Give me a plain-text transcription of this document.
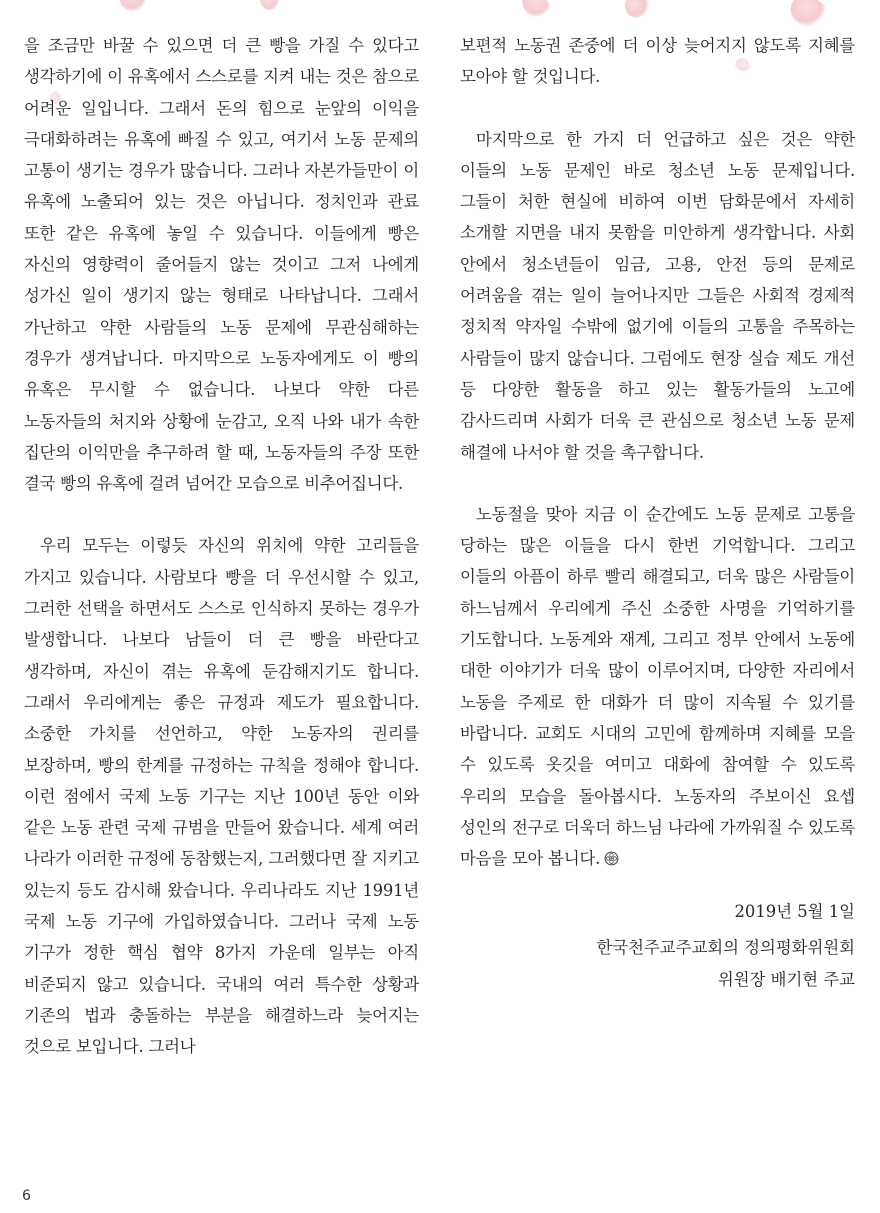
을 조금만 바꿀 수 있으면 더 큰 빵을 가질 수 있다고 생각하기에 이 유혹에서 스스로를 지켜 내는 것은 참으로 어려운 일입니다. 그래서 돈의 힘으로 눈앞의 이익을 극대화하려는 유혹에 빠질 수 있고, 여기서 노동 문제의 고통이 생기는 경우가 많습니다. 그러나 자본가들만이 이 유혹에 노출되어 있는 것은 아닙니다. 정치인과 관료 또한 같은 유혹에 놓일 수 있습니다. 이들에게 빵은 자신의 영향력이 줄어들지 않는 것이고 그저 나에게 성가신 일이 생기지 않는 형태로 나타납니다. 그래서 가난하고 약한 사람들의 노동 문제에 무관심해하는 경우가 생겨납니다. 마지막으로 노동자에게도 이 빵의 유혹은 무시할 수 없습니다. 나보다 약한 다른 노동자들의 처지와 상황에 눈감고, 오직 나와 내가 속한 집단의 이익만을 추구하려 할 때, 노동자들의 주장 또한 결국 빵의 유혹에 걸려 넘어간 모습으로 비추어집니다.

우리 모두는 이렇듯 자신의 위치에 약한 고리들을 가지고 있습니다. 사람보다 빵을 더 우선시할 수 있고, 그러한 선택을 하면서도 스스로 인식하지 못하는 경우가 발생합니다. 나보다 남들이 더 큰 빵을 바란다고 생각하며, 자신이 겪는 유혹에 둔감해지기도 합니다. 그래서 우리에게는 좋은 규정과 제도가 필요합니다. 소중한 가치를 선언하고, 약한 노동자의 권리를 보장하며, 빵의 한계를 규정하는 규칙을 정해야 합니다. 이런 점에서 국제 노동 기구는 지난 100년 동안 이와 같은 노동 관련 국제 규범을 만들어 왔습니다. 세계 여러 나라가 이러한 규정에 동참했는지, 그러했다면 잘 지키고 있는지 등도 감시해 왔습니다. 우리나라도 지난 1991년 국제 노동 기구에 가입하였습니다. 그러나 국제 노동 기구가 정한 핵심 협약 8가지 가운데 일부는 아직 비준되지 않고 있습니다. 국내의 여러 특수한 상황과 기존의 법과 충돌하는 부분을 해결하느라 늦어지는 것으로 보입니다. 그러나

보편적 노동권 존중에 더 이상 늦어지지 않도록 지혜를 모아야 할 것입니다.

마지막으로 한 가지 더 언급하고 싶은 것은 약한 이들의 노동 문제인 바로 청소년 노동 문제입니다. 그들이 처한 현실에 비하여 이번 담화문에서 자세히 소개할 지면을 내지 못함을 미안하게 생각합니다. 사회 안에서 청소년들이 임금, 고용, 안전 등의 문제로 어려움을 겪는 일이 늘어나지만 그들은 사회적 경제적 정치적 약자일 수밖에 없기에 이들의 고통을 주목하는 사람들이 많지 않습니다. 그럼에도 현장 실습 제도 개선 등 다양한 활동을 하고 있는 활동가들의 노고에 감사드리며 사회가 더욱 큰 관심으로 청소년 노동 문제 해결에 나서야 할 것을 촉구합니다.

노동절을 맞아 지금 이 순간에도 노동 문제로 고통을 당하는 많은 이들을 다시 한번 기억합니다. 그리고 이들의 아픔이 하루 빨리 해결되고, 더욱 많은 사람들이 하느님께서 우리에게 주신 소중한 사명을 기억하기를 기도합니다. 노동계와 재계, 그리고 정부 안에서 노동에 대한 이야기가 더욱 많이 이루어지며, 다양한 자리에서 노동을 주제로 한 대화가 더 많이 지속될 수 있기를 바랍니다. 교회도 시대의 고민에 함께하며 지혜를 모을 수 있도록 옷깃을 여미고 대화에 참여할 수 있도록 우리의 모습을 돌아봅시다. 노동자의 주보이신 요셉 성인의 전구로 더욱더 하느님 나라에 가까워질 수 있도록 마음을 모아 봅니다.

2019년 5월 1일
한국천주교주교회의 정의평화위원회
위원장 배기현 주교
6
